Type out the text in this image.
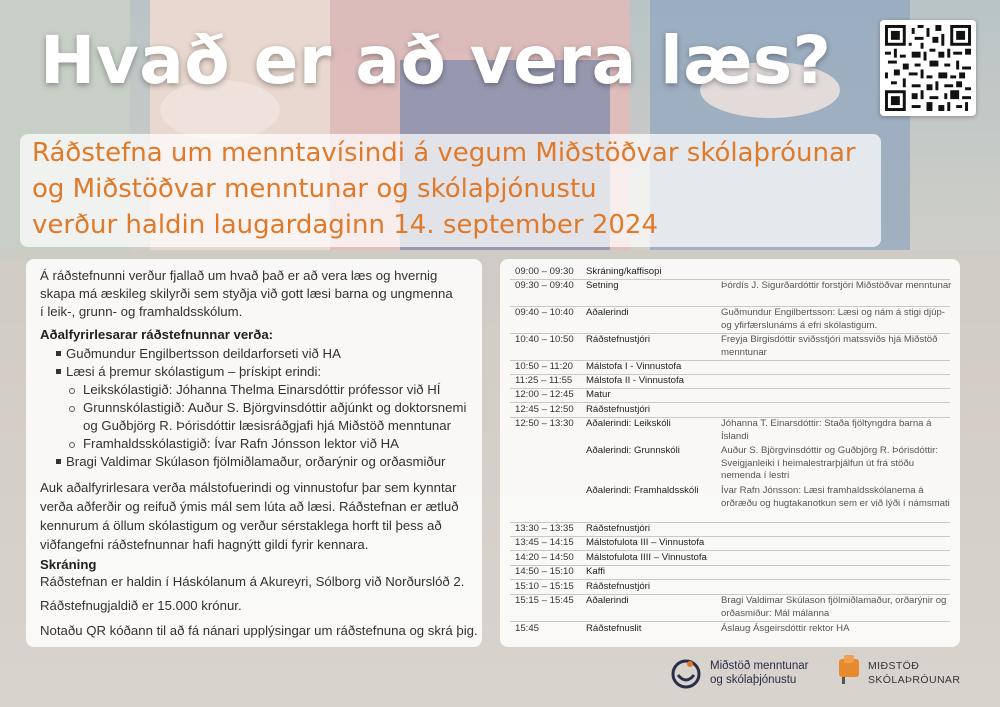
Hvað er að vera læs?
Ráðstefna um menntavísindi á vegum Miðstöðvar skólaþróunar
og Miðstöðvar menntunar og skólaþjónustu
verður haldin laugardaginn 14. september 2024
Á ráðstefnunni verður fjallað um hvað það er að vera læs og hvernig
skapa má æskileg skilyrði sem styðja við gott læsi barna og ungmenna
í leik-, grunn- og framhaldsskólum.
Aðalfyrirlesarar ráðstefnunnar verða:
Guðmundur Engilbertsson deildarforseti við HA
Læsi á þremur skólastigum – þrískipt erindi:
Leikskólastigið: Jóhanna Thelma Einarsdóttir prófessor við HÍ
Grunnskólastigið: Auður S. Björgvinsdóttir aðjúnkt og doktorsnemi
og Guðbjörg R. Þórisdóttir læsisráðgjafi hjá Miðstöð menntunar
Framhaldsskólastigið: Ívar Rafn Jónsson lektor við HA
Bragi Valdimar Skúlason fjölmiðlamaður, orðarýnir og orðasmiður
Auk aðalfyrirlesara verða málstofuerindi og vinnustofur þar sem kynntar
verða aðferðir og reifuð ýmis mál sem lúta að læsi. Ráðstefnan er ætluð
kennurum á öllum skólastigum og verður sérstaklega horft til þess að
viðfangefni ráðstefnunnar hafi hagnýtt gildi fyrir kennara.
Skráning
Ráðstefnan er haldin í Háskólanum á Akureyri, Sólborg við Norðurslóð 2.
Ráðstefnugjaldið er 15.000 krónur.
Notaðu QR kóðann til að fá nánari upplýsingar um ráðstefnuna og skrá þig.
09:00 – 09:30 Skráning/kaffisopi
09:30 – 09:40 Setning	Þórdís J. Sigurðardóttir forstjóri Miðstöðvar menntunar
09:40 – 10:40 Aðalerindi	Guðmundur Engilbertsson: Læsi og nám á stigi djúp- og yfirfærslunáms á efri skólastigum.
10:40 – 10:50 Ráðstefnustjóri	Freyja Birgisdóttir sviðsstjóri matssviðs hjá Miðstöð menntunar
10:50 – 11:20 Málstofa I - Vinnustofa
11:25 – 11:55 Málstofa II - Vinnustofa
12:00 – 12:45 Matur
12:45 – 12:50 Ráðstefnustjóri
12:50 – 13:30 Aðalerindi: Leikskóli	Jóhanna T. Einarsdóttir: Staða fjöltyngdra barna á Íslandi
Aðalerindi: Grunnskóli	Auður S. Björgvinsdóttir og Guðbjörg R. Þórisdóttir: Sveigjanleiki í heimalestrarþjálfun út frá stöðu nemenda í lestri
Aðalerindi: Framhaldsskóli	Ívar Rafn Jónsson: Læsi framhaldsskólanema á orðræðu og hugtakanotkun sem er við lýði í námsmati
13:30 – 13:35 Ráðstefnustjóri
13:45 – 14:15 Málstofulota III – Vinnustofa
14:20 – 14:50 Málstofulota IIII – Vinnustofa
14:50 – 15:10 Kaffi
15:10 – 15:15 Ráðstefnustjóri
15:15 – 15:45 Aðalerindi	Bragi Valdimar Skúlason fjölmiðlamaður, orðarýnir og orðasmiður: Mál málanna
15:45	Ráðstefnuslit	Áslaug Ásgeirsdóttir rektor HA
Miðstöð menntunar
og skólaþjónustu
MIÐSTÖÐ
SKÓLAÞRÓUNAR
